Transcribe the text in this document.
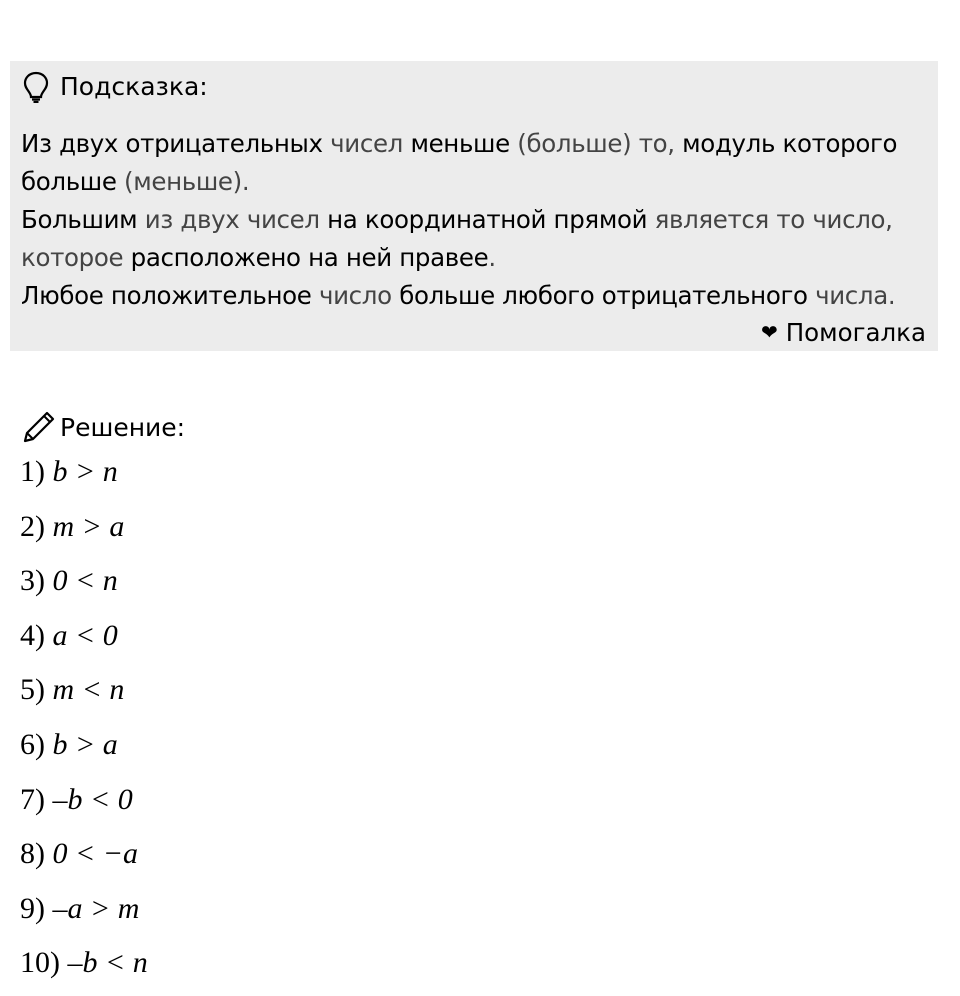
Подсказка:
Из двух отрицательных чисел меньше (больше) то, модуль которого
больше (меньше).
Большим из двух чисел на координатной прямой является то число,
которое расположено на ней правее.
Любое положительное число больше любого отрицательного числа.
❤ Помогалка
Решение:
1) b > n
2) m > a
3) 0 < n
4) a < 0
5) m < n
6) b > a
7) –b < 0
8) 0 < −a
9) –a > m
10) –b < n
